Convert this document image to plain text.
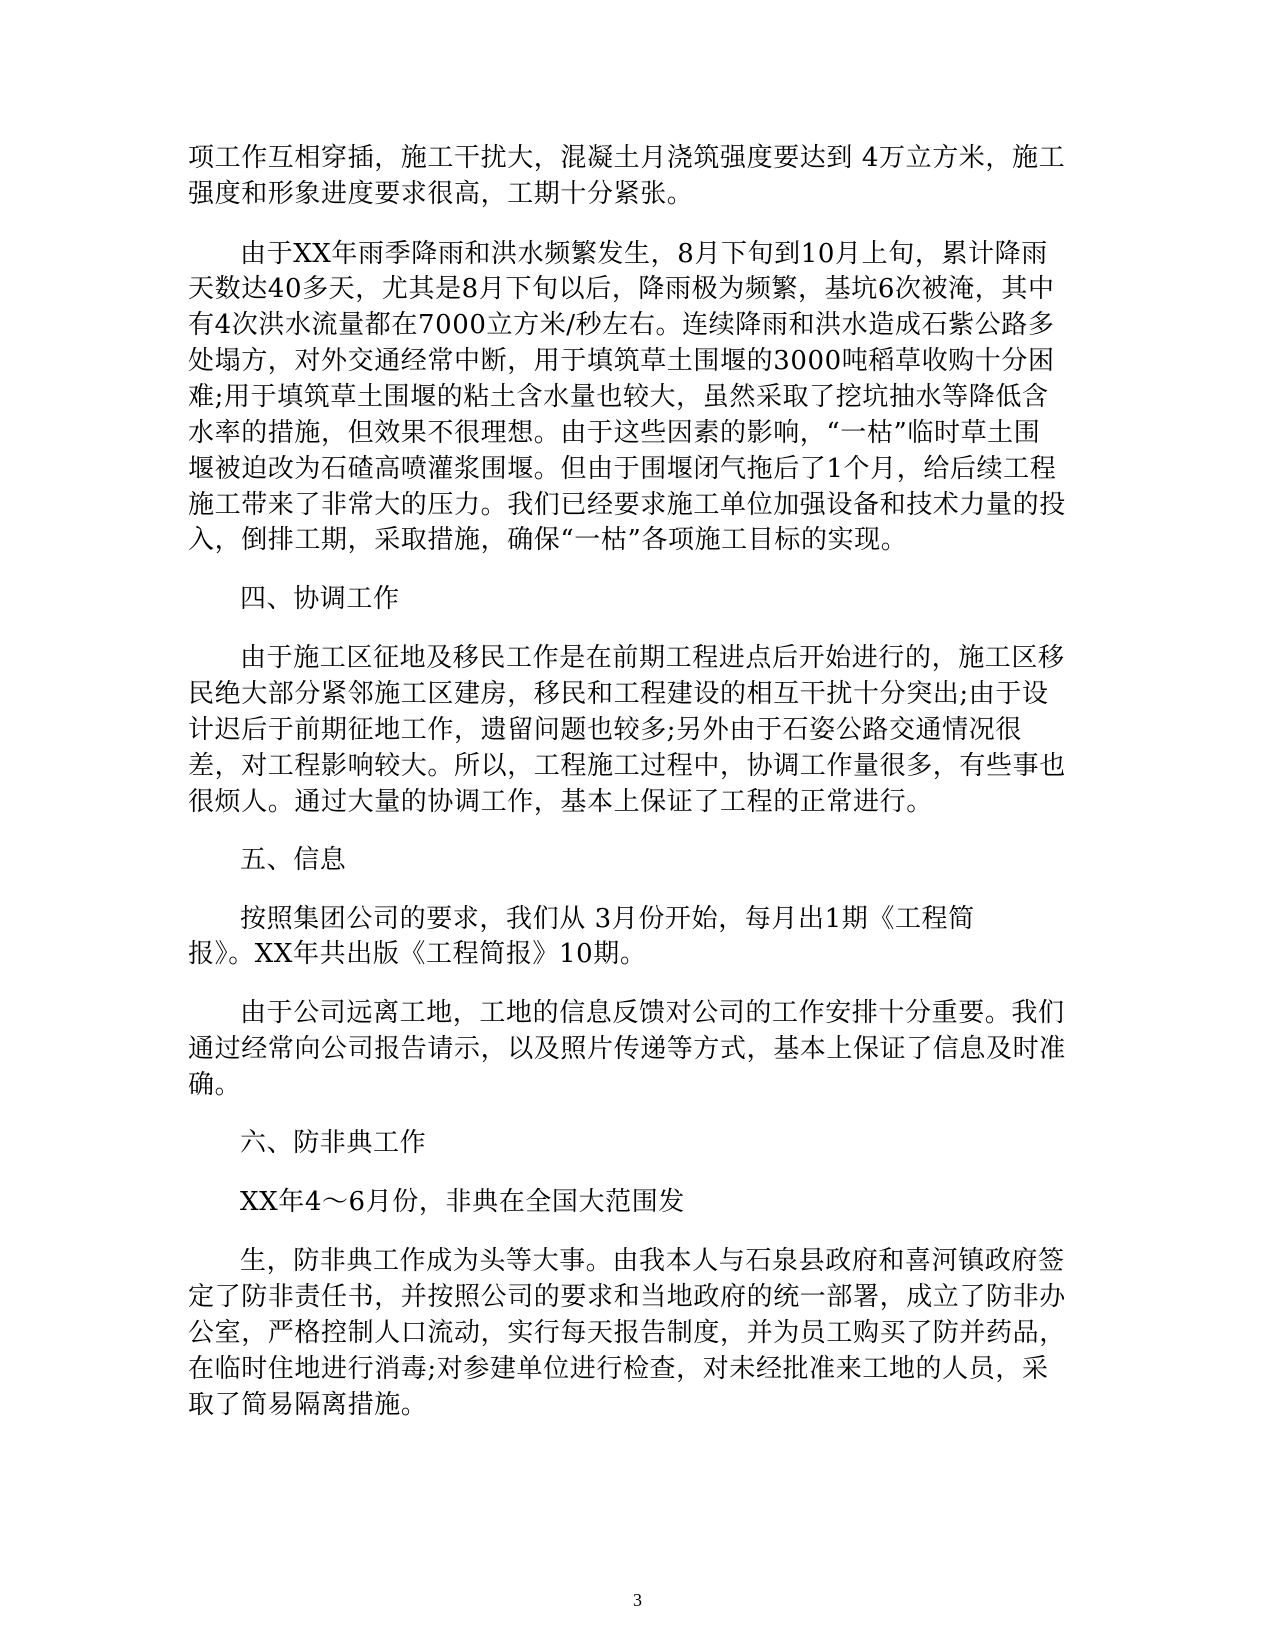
项工作互相穿插，施工干扰大，混凝土月浇筑强度要达到 4万立方米，施工
强度和形象进度要求很高，工期十分紧张。
由于XX年雨季降雨和洪水频繁发生，8月下旬到10月上旬，累计降雨
天数达40多天，尤其是8月下旬以后，降雨极为频繁，基坑6次被淹，其中
有4次洪水流量都在7000立方米/秒左右。连续降雨和洪水造成石紫公路多
处塌方，对外交通经常中断，用于填筑草土围堰的3000吨稻草收购十分困
难;用于填筑草土围堰的粘土含水量也较大，虽然采取了挖坑抽水等降低含
水率的措施，但效果不很理想。由于这些因素的影响，“一枯”临时草土围
堰被迫改为石碴高喷灌浆围堰。但由于围堰闭气拖后了1个月，给后续工程
施工带来了非常大的压力。我们已经要求施工单位加强设备和技术力量的投
入，倒排工期，采取措施，确保“一枯”各项施工目标的实现。
四、协调工作
由于施工区征地及移民工作是在前期工程进点后开始进行的，施工区移
民绝大部分紧邻施工区建房，移民和工程建设的相互干扰十分突出;由于设
计迟后于前期征地工作，遗留问题也较多;另外由于石姿公路交通情况很
差，对工程影响较大。所以，工程施工过程中，协调工作量很多，有些事也
很烦人。通过大量的协调工作，基本上保证了工程的正常进行。
五、信息
按照集团公司的要求，我们从 3月份开始，每月出1期《工程简
报》。XX年共出版《工程简报》10期。
由于公司远离工地，工地的信息反馈对公司的工作安排十分重要。我们
通过经常向公司报告请示，以及照片传递等方式，基本上保证了信息及时准
确。
六、防非典工作
XX年4～6月份，非典在全国大范围发
生，防非典工作成为头等大事。由我本人与石泉县政府和喜河镇政府签
定了防非责任书，并按照公司的要求和当地政府的统一部署，成立了防非办
公室，严格控制人口流动，实行每天报告制度，并为员工购买了防并药品，
在临时住地进行消毒;对参建单位进行检查，对未经批准来工地的人员，采
取了简易隔离措施。
3
